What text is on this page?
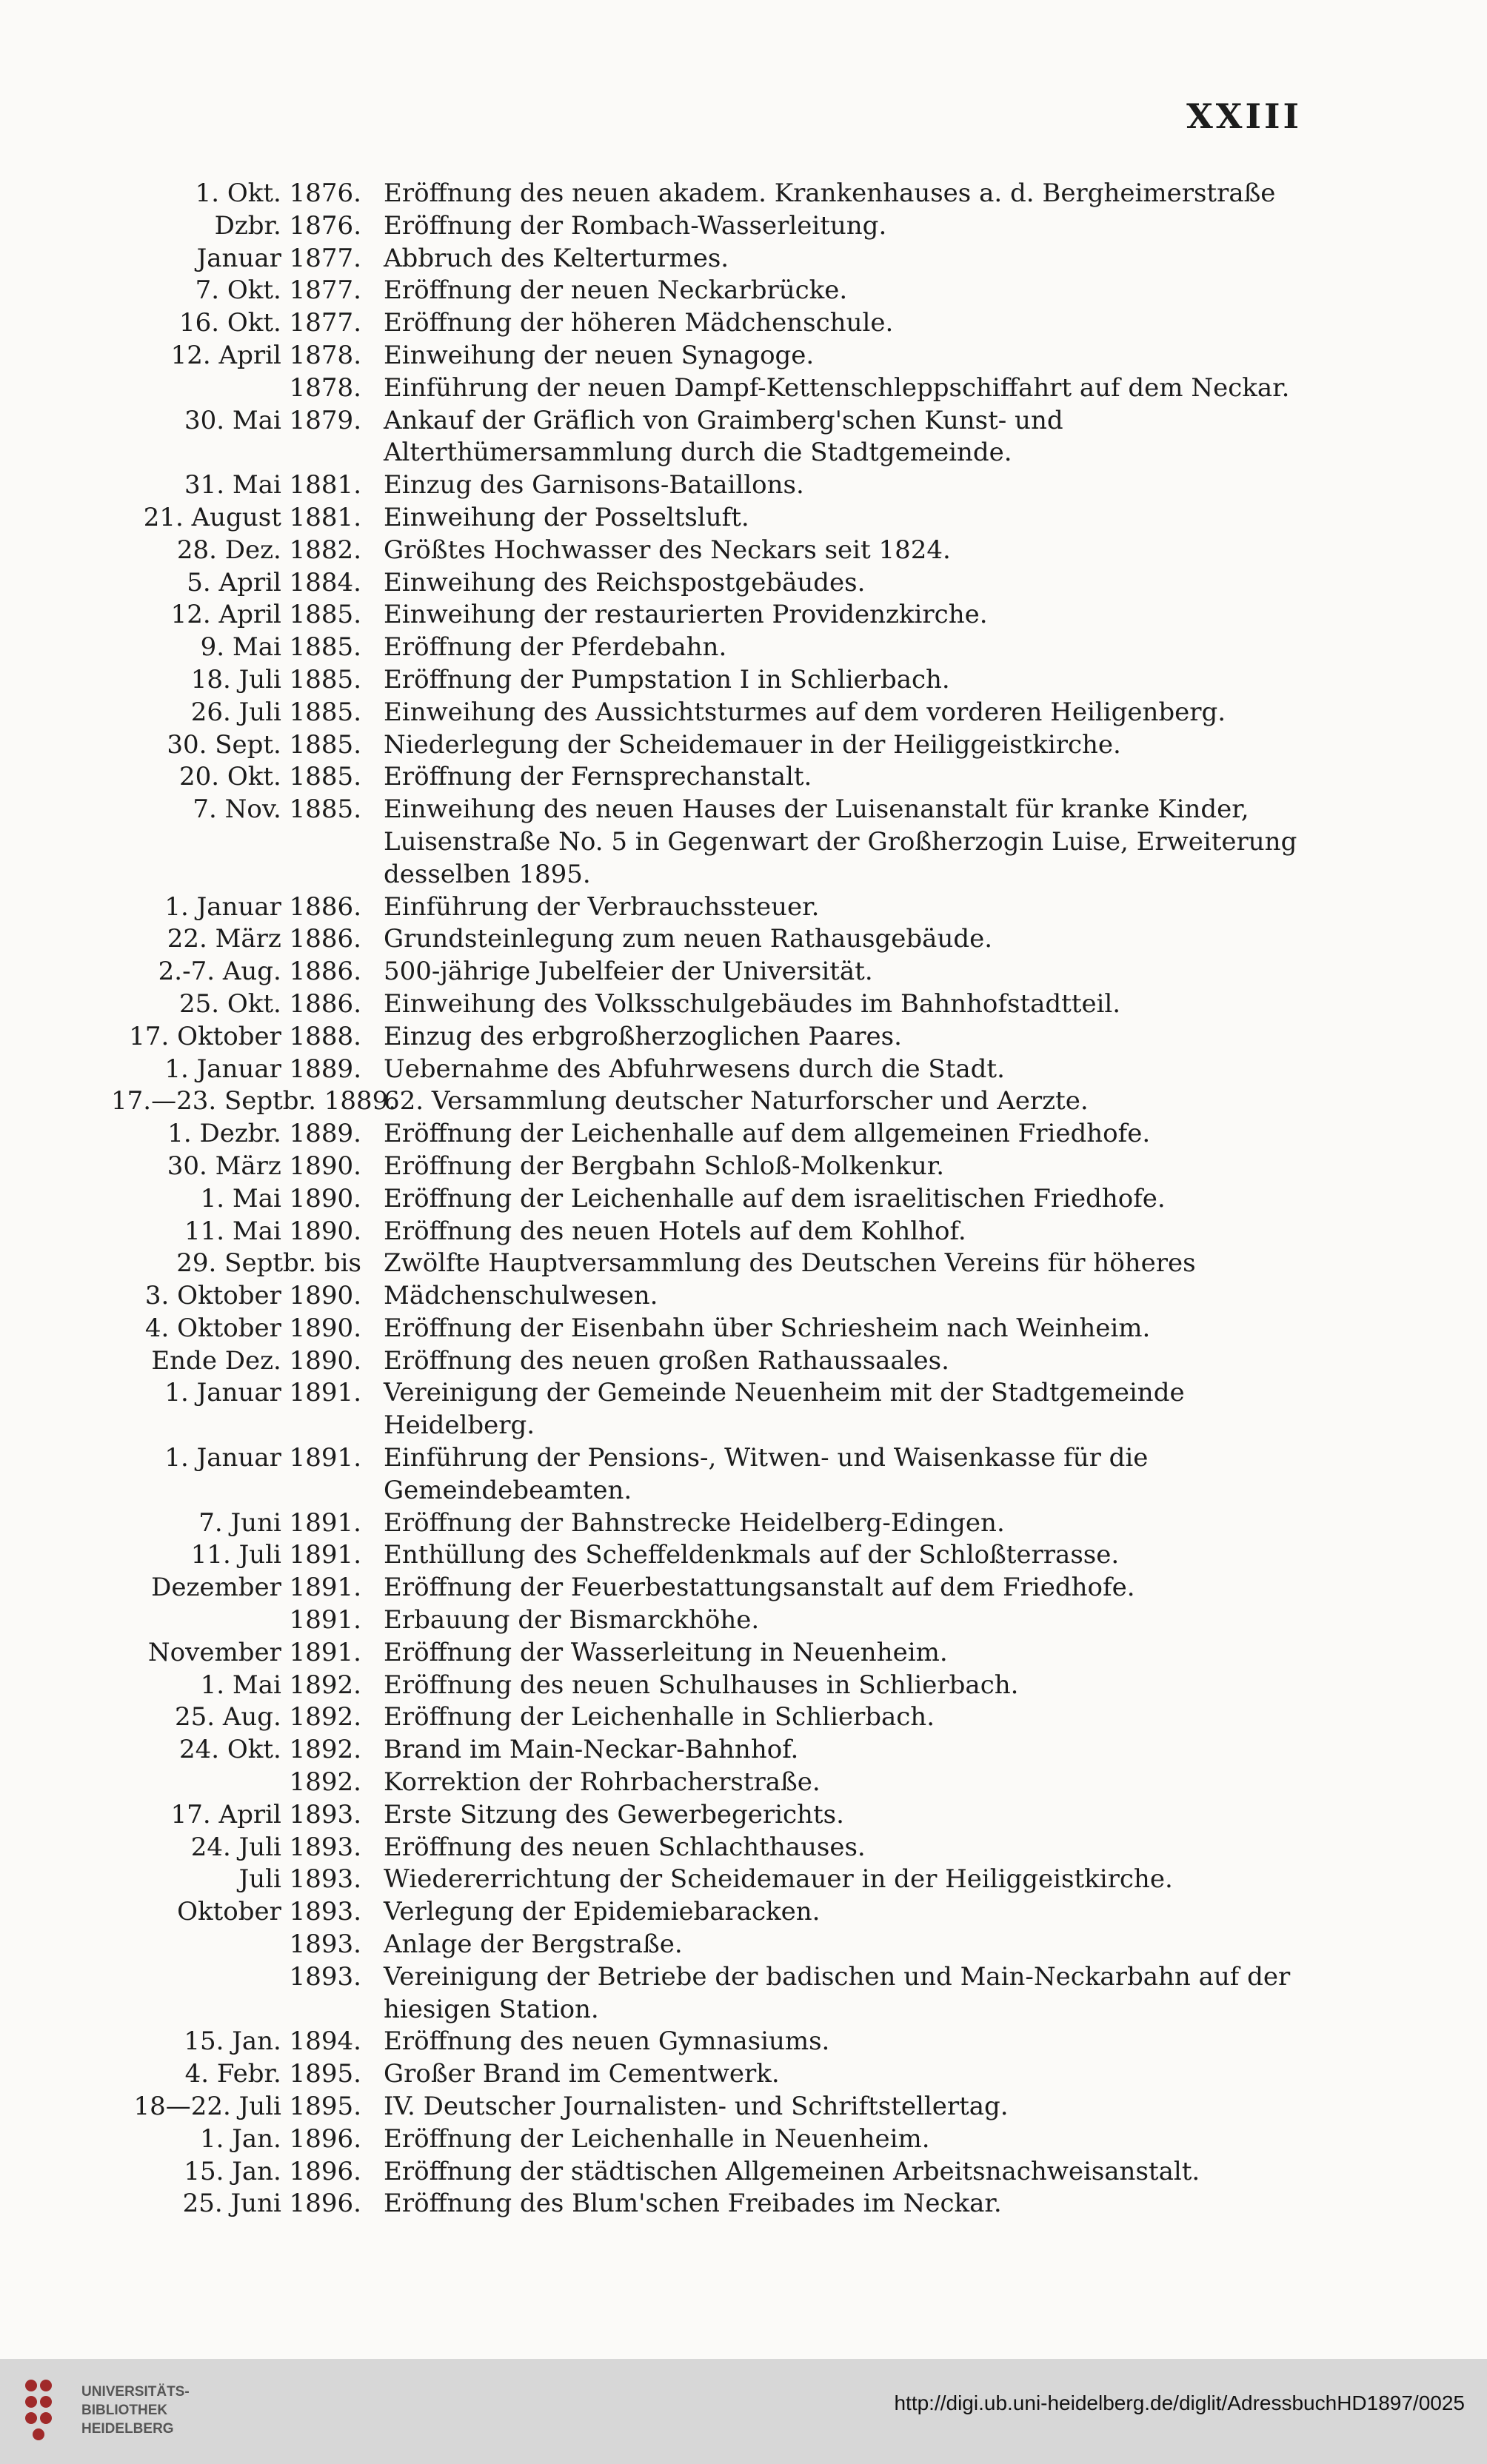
XXIII
1. Okt. 1876. Eröffnung des neuen akadem. Krankenhauses a. d. Bergheimerstraße
Dzbr. 1876. Eröffnung der Rombach-Wasserleitung.
Januar 1877. Abbruch des Kelterturmes.
7. Okt. 1877. Eröffnung der neuen Neckarbrücke.
16. Okt. 1877. Eröffnung der höheren Mädchenschule.
12. April 1878. Einweihung der neuen Synagoge.
1878. Einführung der neuen Dampf-Kettenschleppschiffahrt auf dem Neckar.
30. Mai 1879. Ankauf der Gräflich von Graimberg'schen Kunst- und Alterthümersammlung durch die Stadtgemeinde.
31. Mai 1881. Einzug des Garnisons-Bataillons.
21. August 1881. Einweihung der Posseltsluft.
28. Dez. 1882. Größtes Hochwasser des Neckars seit 1824.
5. April 1884. Einweihung des Reichspostgebäudes.
12. April 1885. Einweihung der restaurierten Providenzkirche.
9. Mai 1885. Eröffnung der Pferdebahn.
18. Juli 1885. Eröffnung der Pumpstation I in Schlierbach.
26. Juli 1885. Einweihung des Aussichtsturmes auf dem vorderen Heiligenberg.
30. Sept. 1885. Niederlegung der Scheidemauer in der Heiliggeistkirche.
20. Okt. 1885. Eröffnung der Fernsprechanstalt.
7. Nov. 1885. Einweihung des neuen Hauses der Luisenanstalt für kranke Kinder, Luisenstraße No. 5 in Gegenwart der Großherzogin Luise, Erweiterung desselben 1895.
1. Januar 1886. Einführung der Verbrauchssteuer.
22. März 1886. Grundsteinlegung zum neuen Rathausgebäude.
2.-7. Aug. 1886. 500-jährige Jubelfeier der Universität.
25. Okt. 1886. Einweihung des Volksschulgebäudes im Bahnhofstadtteil.
17. Oktober 1888. Einzug des erbgroßherzoglichen Paares.
1. Januar 1889. Uebernahme des Abfuhrwesens durch die Stadt.
17.—23. Septbr. 1889.
62. Versammlung deutscher Naturforscher und Aerzte.
1. Dezbr. 1889. Eröffnung der Leichenhalle auf dem allgemeinen Friedhofe.
30. März 1890. Eröffnung der Bergbahn Schloß-Molkenkur.
1. Mai 1890. Eröffnung der Leichenhalle auf dem israelitischen Friedhofe.
11. Mai 1890. Eröffnung des neuen Hotels auf dem Kohlhof.
29. Septbr. bis
3. Oktober 1890.
Zwölfte Hauptversammlung des Deutschen Vereins für höheres Mädchenschulwesen.
4. Oktober 1890. Eröffnung der Eisenbahn über Schriesheim nach Weinheim.
Ende Dez. 1890. Eröffnung des neuen großen Rathaussaales.
1. Januar 1891. Vereinigung der Gemeinde Neuenheim mit der Stadtgemeinde Heidelberg.
1. Januar 1891. Einführung der Pensions-, Witwen- und Waisenkasse für die Gemeindebeamten.
7. Juni 1891. Eröffnung der Bahnstrecke Heidelberg-Edingen.
11. Juli 1891. Enthüllung des Scheffeldenkmals auf der Schloßterrasse.
Dezember 1891. Eröffnung der Feuerbestattungsanstalt auf dem Friedhofe.
1891. Erbauung der Bismarckhöhe.
November 1891. Eröffnung der Wasserleitung in Neuenheim.
1. Mai 1892. Eröffnung des neuen Schulhauses in Schlierbach.
25. Aug. 1892. Eröffnung der Leichenhalle in Schlierbach.
24. Okt. 1892. Brand im Main-Neckar-Bahnhof.
1892. Korrektion der Rohrbacherstraße.
17. April 1893. Erste Sitzung des Gewerbegerichts.
24. Juli 1893. Eröffnung des neuen Schlachthauses.
Juli 1893. Wiedererrichtung der Scheidemauer in der Heiliggeistkirche.
Oktober 1893. Verlegung der Epidemiebaracken.
1893. Anlage der Bergstraße.
1893. Vereinigung der Betriebe der badischen und Main-Neckarbahn auf der hiesigen Station.
15. Jan. 1894. Eröffnung des neuen Gymnasiums.
4. Febr. 1895. Großer Brand im Cementwerk.
18—22. Juli 1895. IV. Deutscher Journalisten- und Schriftstellertag.
1. Jan. 1896. Eröffnung der Leichenhalle in Neuenheim.
15. Jan. 1896. Eröffnung der städtischen Allgemeinen Arbeitsnachweisanstalt.
25. Juni 1896. Eröffnung des Blum'schen Freibades im Neckar.
UNIVERSITÄTS-
BIBLIOTHEK
HEIDELBERG
http://digi.ub.uni-heidelberg.de/diglit/AdressbuchHD1897/0025
